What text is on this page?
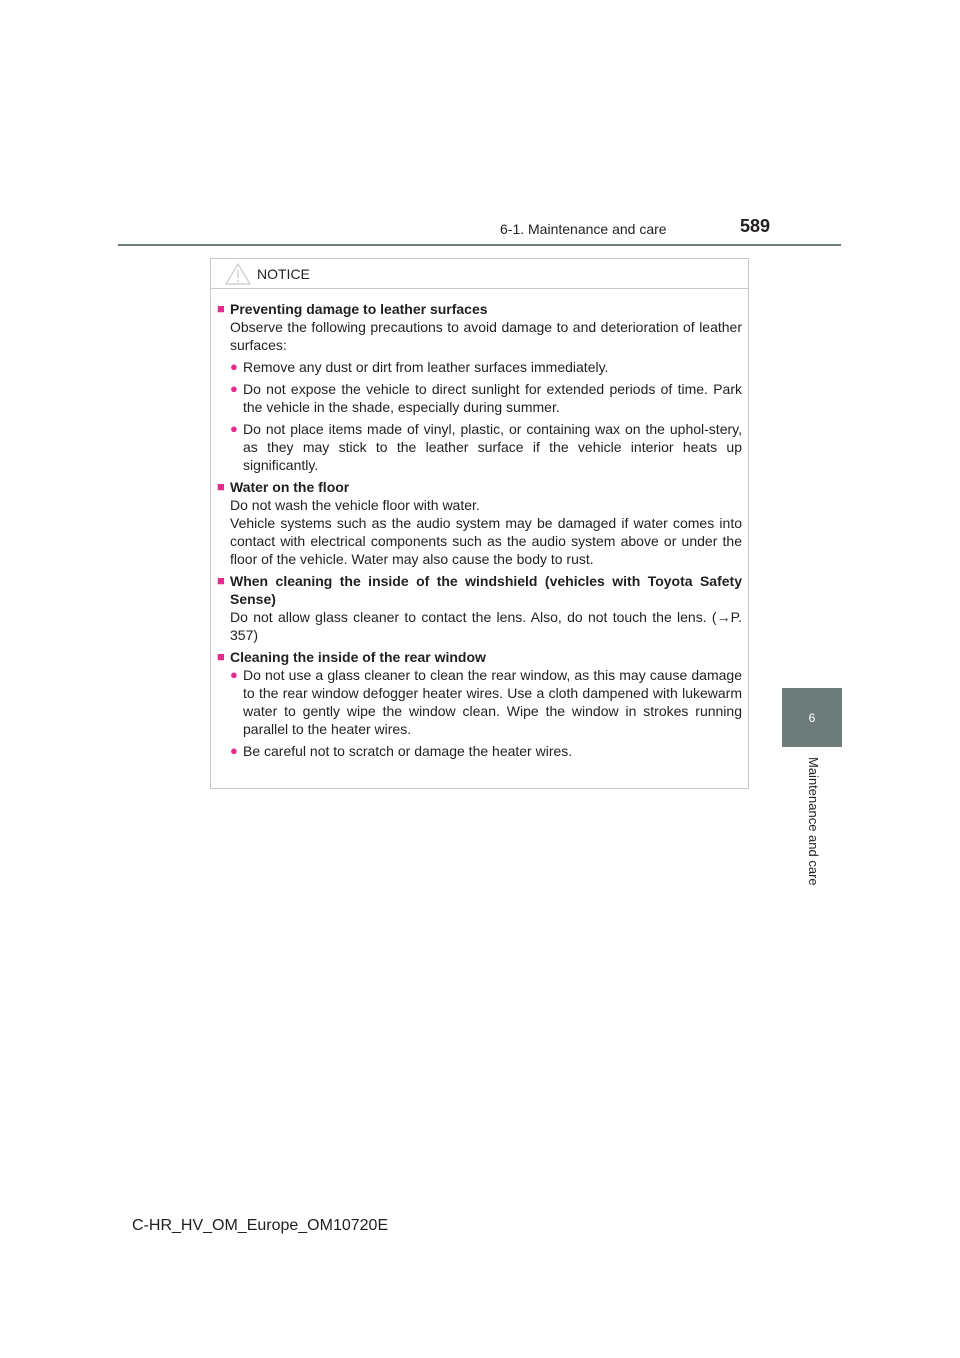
6-1. Maintenance and care	589
6
Maintenance and care
NOTICE
■ Preventing damage to leather surfaces
Observe the following precautions to avoid damage to and deterioration of leather surfaces:
● Remove any dust or dirt from leather surfaces immediately.
● Do not expose the vehicle to direct sunlight for extended periods of time. Park the vehicle in the shade, especially during summer.
● Do not place items made of vinyl, plastic, or containing wax on the uphol-stery, as they may stick to the leather surface if the vehicle interior heats up significantly.
■ Water on the floor
Do not wash the vehicle floor with water.
Vehicle systems such as the audio system may be damaged if water comes into contact with electrical components such as the audio system above or under the floor of the vehicle. Water may also cause the body to rust.
■ When cleaning the inside of the windshield (vehicles with Toyota Safety Sense)
Do not allow glass cleaner to contact the lens. Also, do not touch the lens. (→P. 357)
■ Cleaning the inside of the rear window
● Do not use a glass cleaner to clean the rear window, as this may cause damage to the rear window defogger heater wires. Use a cloth dampened with lukewarm water to gently wipe the window clean. Wipe the window in strokes running parallel to the heater wires.
● Be careful not to scratch or damage the heater wires.
C-HR_HV_OM_Europe_OM10720E
